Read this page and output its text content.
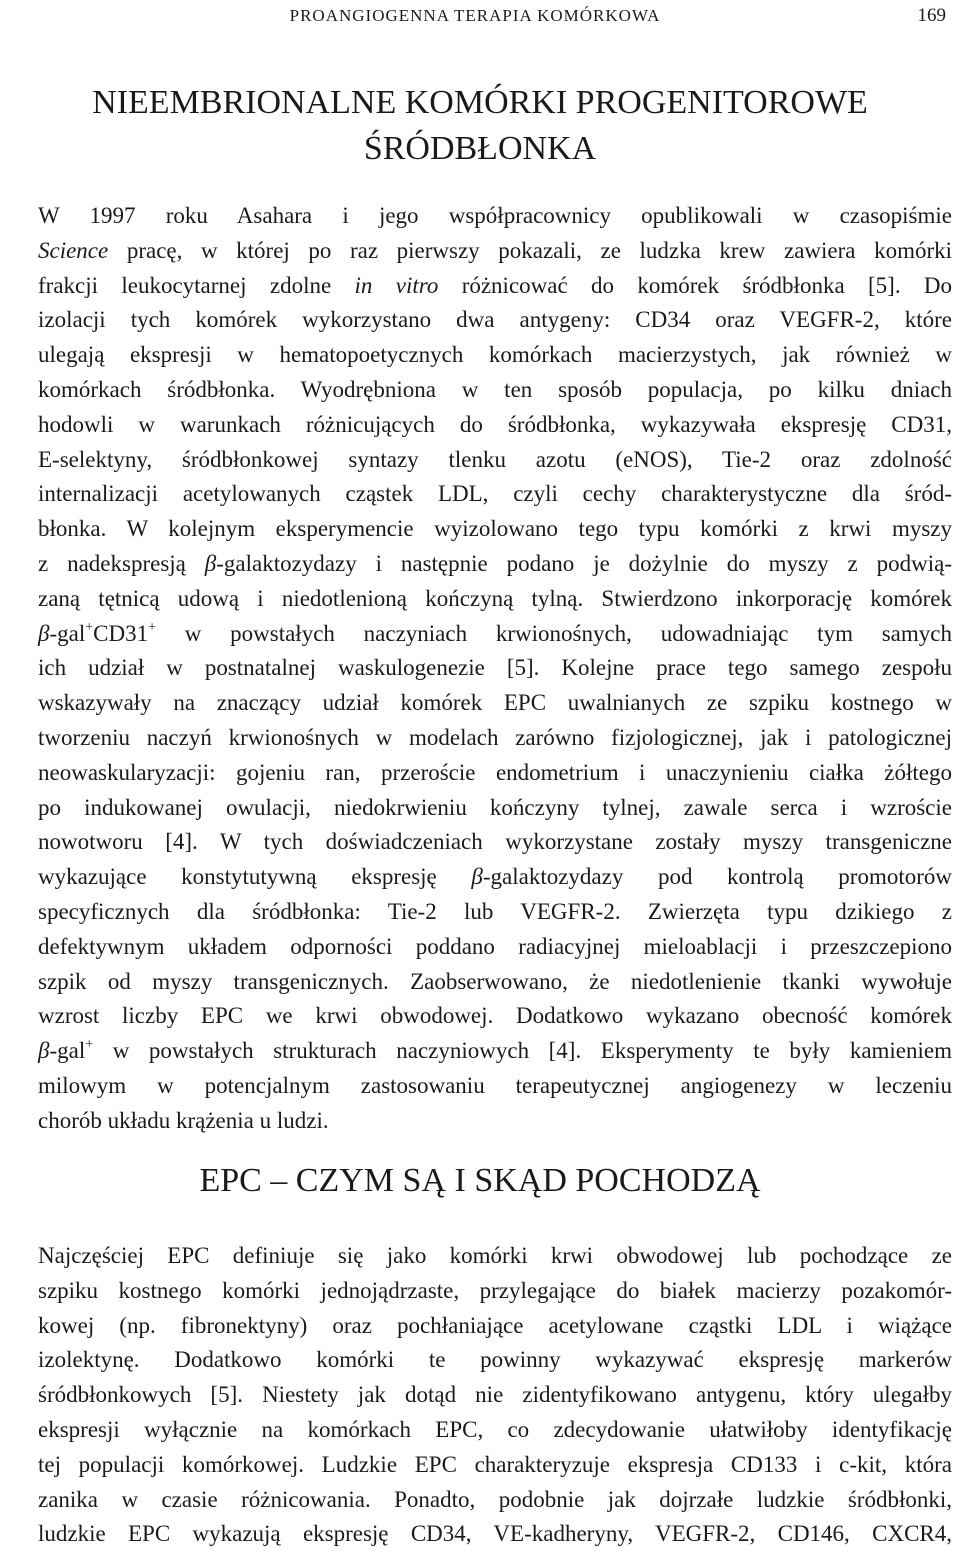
PROANGIOGENNA TERAPIA KOMÓRKOWA	169
NIEEMBRIONALNE KOMÓRKI PROGENITOROWE
ŚRÓDBŁONKA
W 1997 roku Asahara i jego współpracownicy opublikowali w czasopiśmie
Science pracę, w której po raz pierwszy pokazali, ze ludzka krew zawiera komórki
frakcji leukocytarnej zdolne in vitro różnicować do komórek śródbłonka [5]. Do
izolacji tych komórek wykorzystano dwa antygeny: CD34 oraz VEGFR-2, które
ulegają ekspresji w hematopoetycznych komórkach macierzystych, jak również w
komórkach śródbłonka. Wyodrębniona w ten sposób populacja, po kilku dniach
hodowli w warunkach różnicujących do śródbłonka, wykazywała ekspresję CD31,
E-selektyny, śródbłonkowej syntazy tlenku azotu (eNOS), Tie-2 oraz zdolność
internalizacji acetylowanych cząstek LDL, czyli cechy charakterystyczne dla śród-
błonka. W kolejnym eksperymencie wyizolowano tego typu komórki z krwi myszy
z nadekspresją β-galaktozydazy i następnie podano je dożylnie do myszy z podwią-
zaną tętnicą udową i niedotlenioną kończyną tylną. Stwierdzono inkorporację komórek
β-gal+CD31+ w powstałych naczyniach krwionośnych, udowadniając tym samych
ich udział w postnatalnej waskulogenezie [5]. Kolejne prace tego samego zespołu
wskazywały na znaczący udział komórek EPC uwalnianych ze szpiku kostnego w
tworzeniu naczyń krwionośnych w modelach zarówno fizjologicznej, jak i patologicznej
neowaskularyzacji: gojeniu ran, przeroście endometrium i unaczynieniu ciałka żółtego
po indukowanej owulacji, niedokrwieniu kończyny tylnej, zawale serca i wzroście
nowotworu [4]. W tych doświadczeniach wykorzystane zostały myszy transgeniczne
wykazujące konstytutywną ekspresję β-galaktozydazy pod kontrolą promotorów
specyficznych dla śródbłonka: Tie-2 lub VEGFR-2. Zwierzęta typu dzikiego z
defektywnym układem odporności poddano radiacyjnej mieloablacji i przeszczepiono
szpik od myszy transgenicznych. Zaobserwowano, że niedotlenienie tkanki wywołuje
wzrost liczby EPC we krwi obwodowej. Dodatkowo wykazano obecność komórek
β-gal+ w powstałych strukturach naczyniowych [4]. Eksperymenty te były kamieniem
milowym w potencjalnym zastosowaniu terapeutycznej angiogenezy w leczeniu
chorób układu krążenia u ludzi.
EPC – CZYM SĄ I SKĄD POCHODZĄ
Najczęściej EPC definiuje się jako komórki krwi obwodowej lub pochodzące ze
szpiku kostnego komórki jednojądrzaste, przylegające do białek macierzy pozakomór-
kowej (np. fibronektyny) oraz pochłaniające acetylowane cząstki LDL i wiążące
izolektynę. Dodatkowo komórki te powinny wykazywać ekspresję markerów
śródbłonkowych [5]. Niestety jak dotąd nie zidentyfikowano antygenu, który ulegałby
ekspresji wyłącznie na komórkach EPC, co zdecydowanie ułatwiłoby identyfikację
tej populacji komórkowej. Ludzkie EPC charakteryzuje ekspresja CD133 i c-kit, która
zanika w czasie różnicowania. Ponadto, podobnie jak dojrzałe ludzkie śródbłonki,
ludzkie EPC wykazują ekspresję CD34, VE-kadheryny, VEGFR-2, CD146, CXCR4,
